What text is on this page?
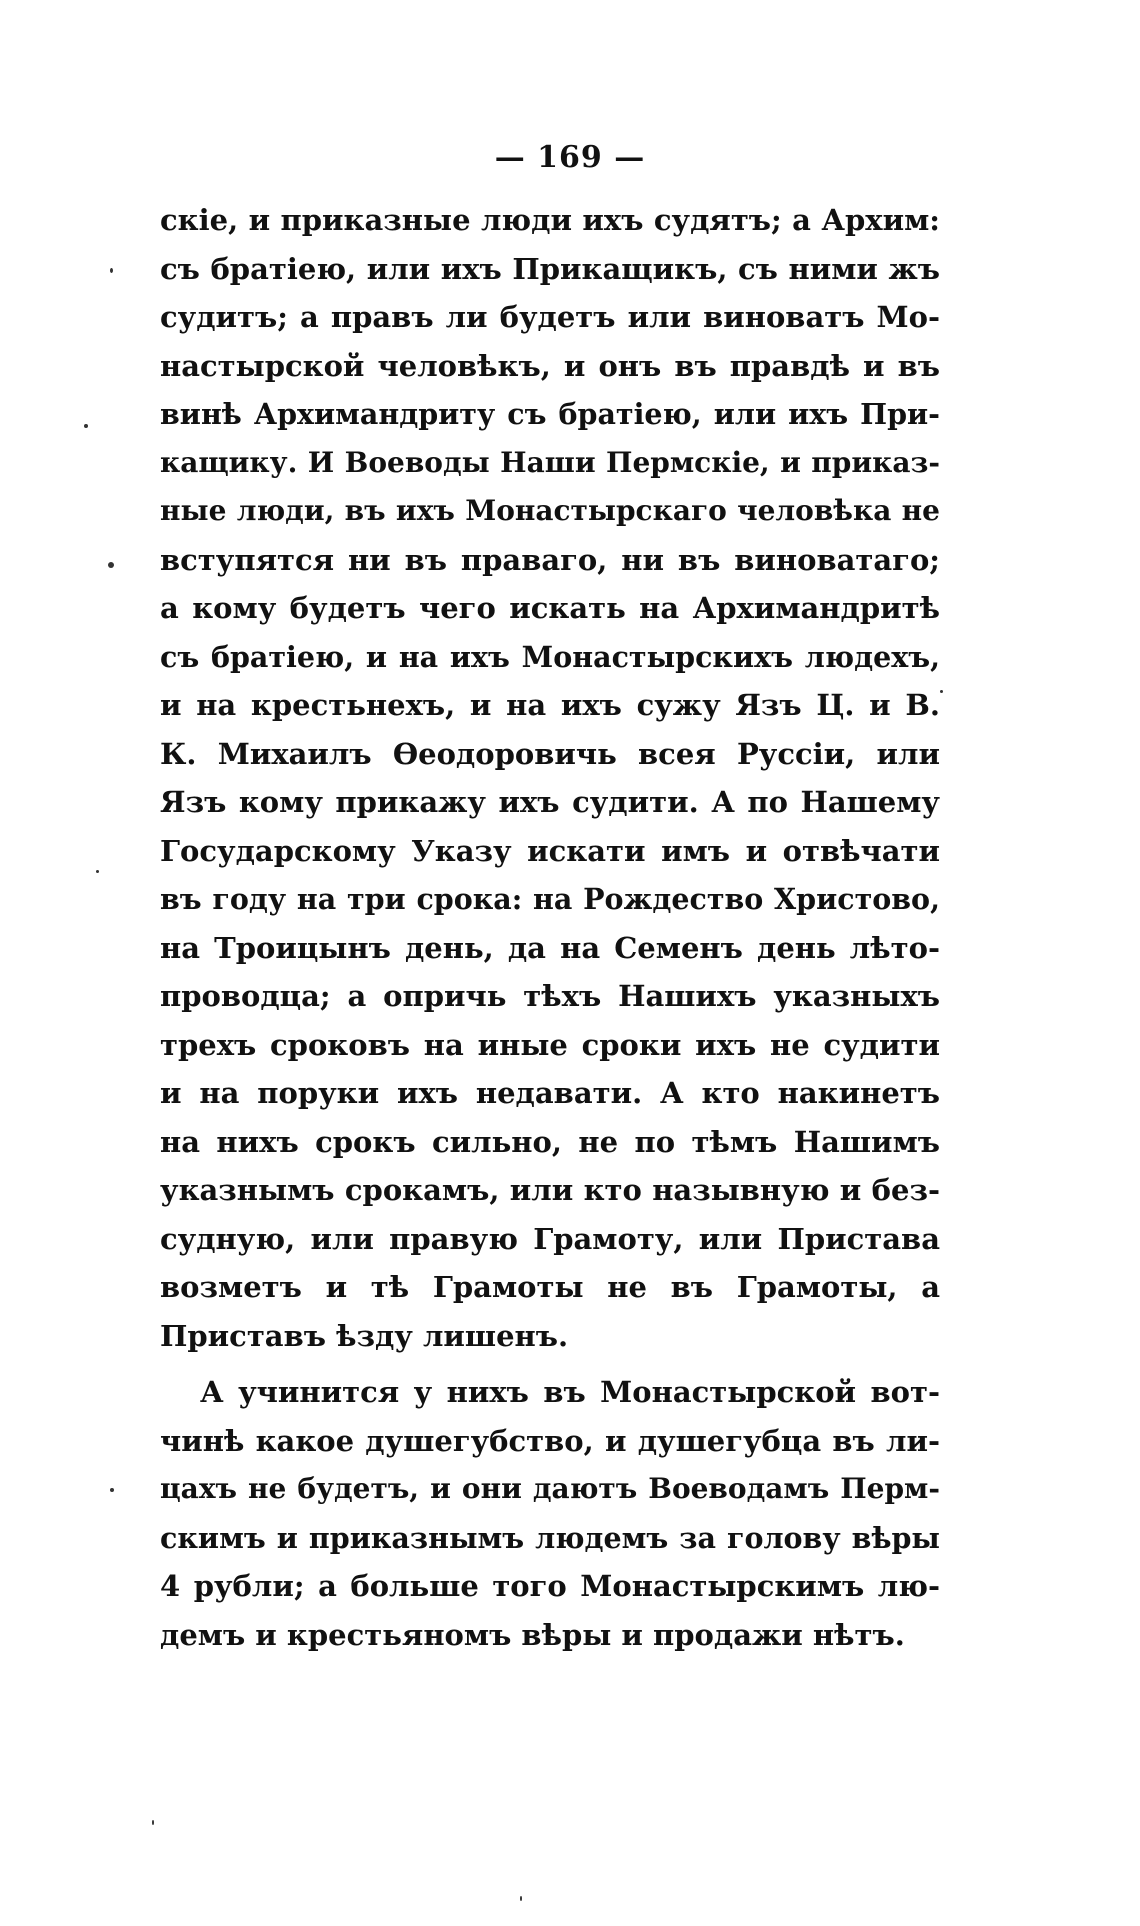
— 169 —
скіе, и приказные люди ихъ судятъ; а Архим:
съ братіею, или ихъ Прикащикъ, съ ними жъ
судитъ; а правъ ли будетъ или виноватъ Мо-
настырской человѣкъ, и онъ въ правдѣ и въ
винѣ Архимандриту съ братіею, или ихъ При-
кащику. И Воеводы Наши Пермскіе, и приказ-
ные люди, въ ихъ Монастырскаго человѣка не
вступятся ни въ праваго, ни въ виноватаго;
а кому будетъ чего искать на Архимандритѣ
съ братіею, и на ихъ Монастырскихъ людехъ,
и на крестьнехъ, и на ихъ сужу Язъ Ц. и В.
К. Михаилъ Ѳеодоровичь всея Руссіи, или
Язъ кому прикажу ихъ судити. А по Нашему
Государскому Указу искати имъ и отвѣчати
въ году на три срока: на Рождество Христово,
на Троицынъ день, да на Семенъ день лѣто-
проводца; а опричь тѣхъ Нашихъ указныхъ
трехъ сроковъ на иные сроки ихъ не судити
и на поруки ихъ недавати. А кто накинетъ
на нихъ срокъ сильно, не по тѣмъ Нашимъ
указнымъ срокамъ, или кто назывную и без-
судную, или правую Грамоту, или Пристава
возметъ и тѣ Грамоты не въ Грамоты, а
Приставъ ѣзду лишенъ.
А учинится у нихъ въ Монастырской вот-
чинѣ какое душегубство, и душегубца въ ли-
цахъ не будетъ, и они даютъ Воеводамъ Перм-
скимъ и приказнымъ людемъ за голову вѣры
4 рубли; а больше того Монастырскимъ лю-
демъ и крестьяномъ вѣры и продажи нѣтъ.
